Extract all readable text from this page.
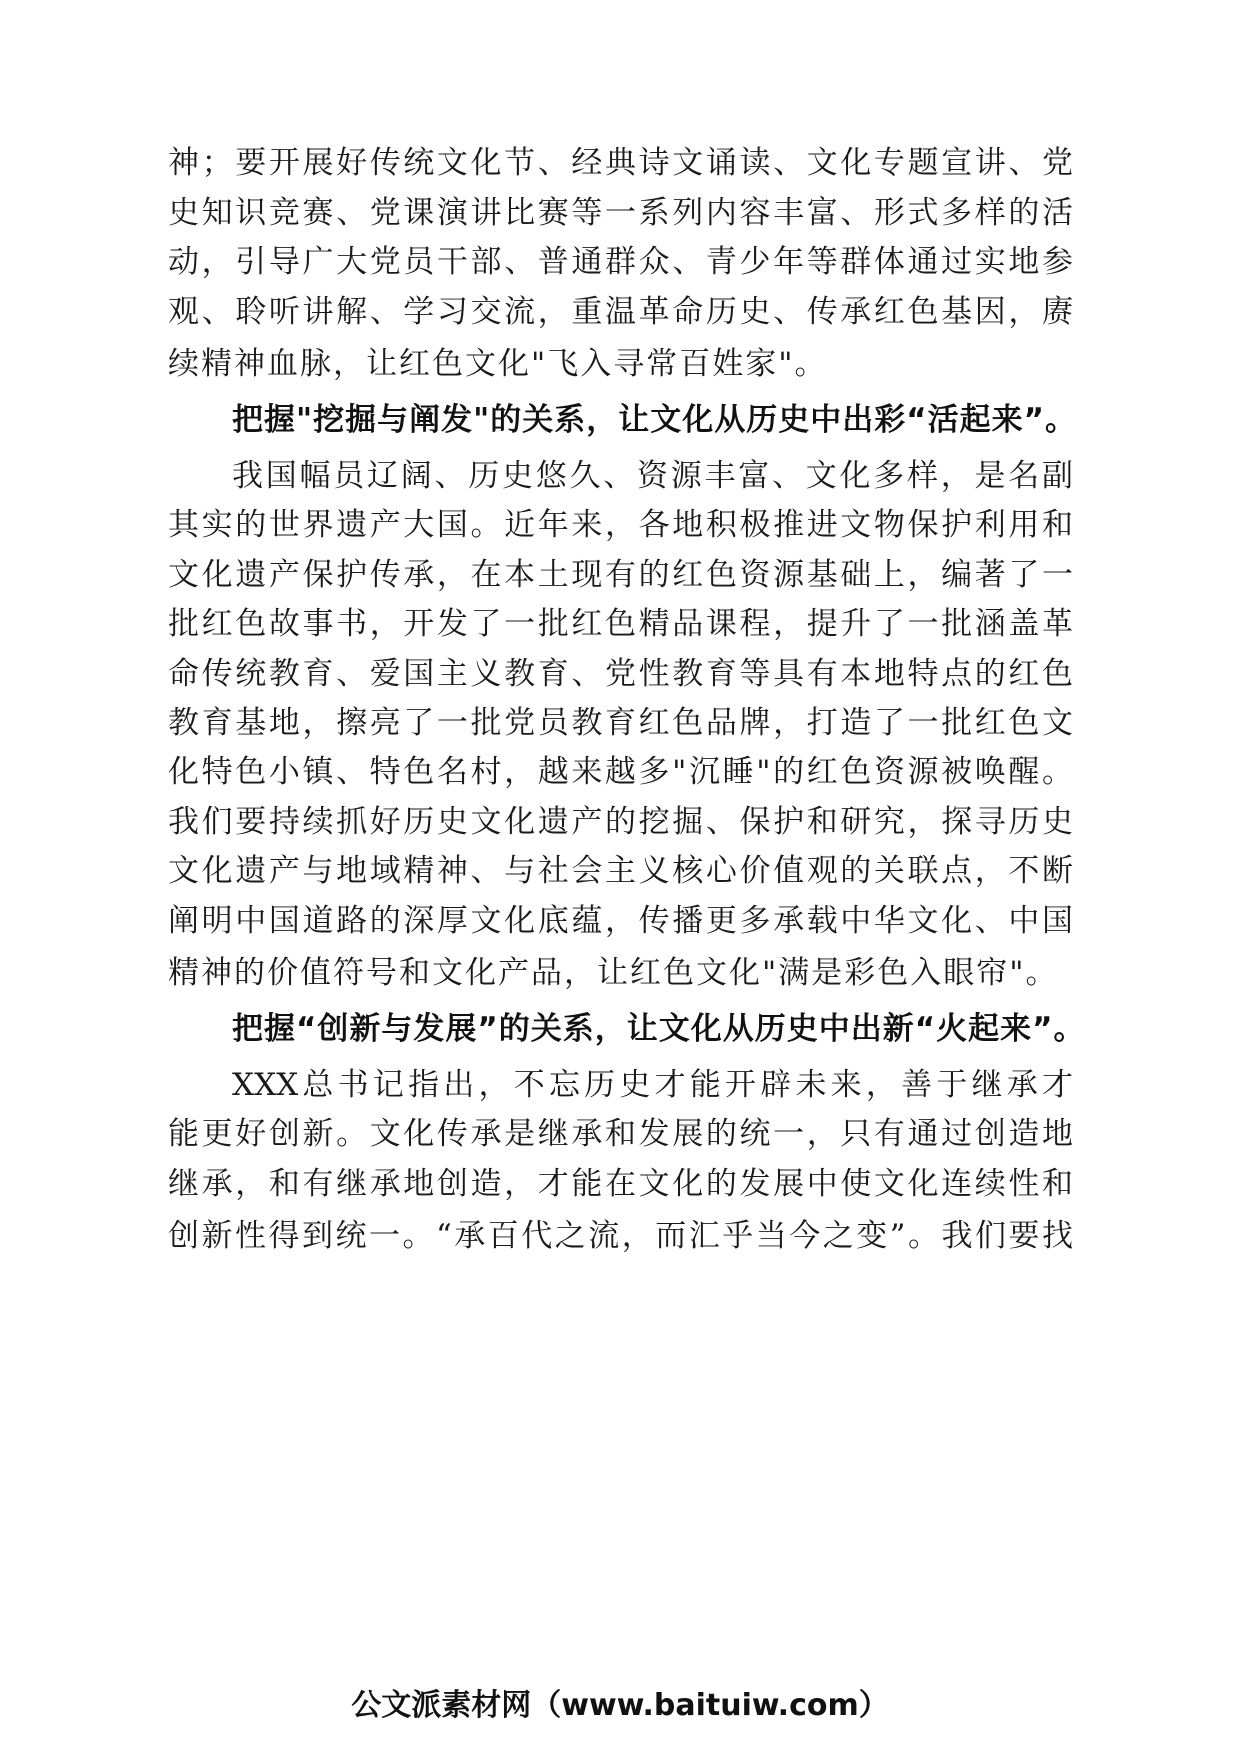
神；要开展好传统文化节、经典诗文诵读、文化专题宣讲、党
史知识竞赛、党课演讲比赛等一系列内容丰富、形式多样的活
动，引导广大党员干部、普通群众、青少年等群体通过实地参
观、聆听讲解、学习交流，重温革命历史、传承红色基因，赓
续精神血脉，让红色文化"飞入寻常百姓家"。
把握"挖掘与阐发"的关系，让文化从历史中出彩“活起来”。
我国幅员辽阔、历史悠久、资源丰富、文化多样，是名副
其实的世界遗产大国。近年来，各地积极推进文物保护利用和
文化遗产保护传承，在本土现有的红色资源基础上，编著了一
批红色故事书，开发了一批红色精品课程，提升了一批涵盖革
命传统教育、爱国主义教育、党性教育等具有本地特点的红色
教育基地，擦亮了一批党员教育红色品牌，打造了一批红色文
化特色小镇、特色名村，越来越多"沉睡"的红色资源被唤醒。
我们要持续抓好历史文化遗产的挖掘、保护和研究，探寻历史
文化遗产与地域精神、与社会主义核心价值观的关联点，不断
阐明中国道路的深厚文化底蕴，传播更多承载中华文化、中国
精神的价值符号和文化产品，让红色文化"满是彩色入眼帘"。
把握“创新与发展”的关系，让文化从历史中出新“火起来”。
XXX总书记指出，不忘历史才能开辟未来，善于继承才
能更好创新。文化传承是继承和发展的统一，只有通过创造地
继承，和有继承地创造，才能在文化的发展中使文化连续性和
创新性得到统一。“承百代之流，而汇乎当今之变”。我们要找
公文派素材网（www.baituiw.com）
